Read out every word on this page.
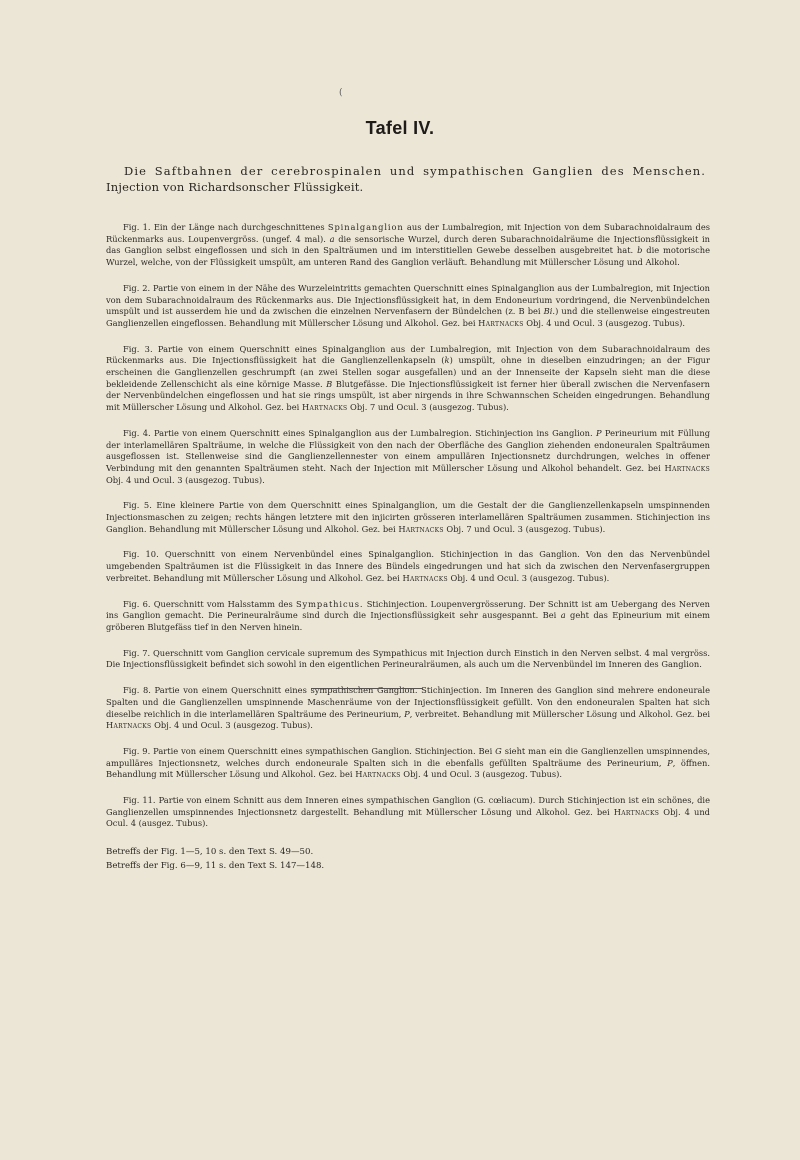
(
Tafel IV.
Die Saftbahnen der cerebrospinalen und sympathischen Ganglien des Menschen. Injection von Richardsonscher Flüssigkeit.

Fig. 1. Ein der Länge nach durchgeschnittenes Spinalganglion aus der Lumbalregion, mit Injection von dem Subarachnoidalraum des Rückenmarks aus. Loupenvergröss. (ungef. 4 mal). a die sensorische Wurzel, durch deren Subarachnoidalräume die Injectionsflüssigkeit in das Ganglion selbst eingeflossen und sich in den Spalträumen und im interstitiellen Gewebe desselben ausgebreitet hat. b die motorische Wurzel, welche, von der Flüssigkeit umspült, am unteren Rand des Ganglion verläuft. Behandlung mit Müllerscher Lösung und Alkohol.

Fig. 2. Partie von einem in der Nähe des Wurzeleintritts gemachten Querschnitt eines Spinalganglion aus der Lumbalregion, mit Injection von dem Subarachnoidalraum des Rückenmarks aus. Die Injectionsflüssigkeit hat, in dem Endoneurium vordringend, die Nervenbündelchen umspült und ist ausserdem hie und da zwischen die einzelnen Nervenfasern der Bündelchen (z. B bei Bi.) und die stellenweise eingestreuten Ganglienzellen eingeflossen. Behandlung mit Müllerscher Lösung und Alkohol. Gez. bei Hartnacks Obj. 4 und Ocul. 3 (ausgezog. Tubus).

Fig. 3. Partie von einem Querschnitt eines Spinalganglion aus der Lumbalregion, mit Injection von dem Subarachnoidalraum des Rückenmarks aus. Die Injectionsflüssigkeit hat die Ganglienzellenkapseln (k) umspült, ohne in dieselben einzudringen; an der Figur erscheinen die Ganglienzellen geschrumpft (an zwei Stellen sogar ausgefallen) und an der Innenseite der Kapseln sieht man die diese bekleidende Zellenschicht als eine körnige Masse. B Blutgefässe. Die Injectionsflüssigkeit ist ferner hier überall zwischen die Nervenfasern der Nervenbündelchen eingeflossen und hat sie rings umspült, ist aber nirgends in ihre Schwannschen Scheiden eingedrungen. Behandlung mit Müllerscher Lösung und Alkohol. Gez. bei Hartnacks Obj. 7 und Ocul. 3 (ausgezog. Tubus).

Fig. 4. Partie von einem Querschnitt eines Spinalganglion aus der Lumbalregion. Stichinjection ins Ganglion. P Perineurium mit Füllung der interlamellären Spalträume, in welche die Flüssigkeit von den nach der Oberfläche des Ganglion ziehenden endoneuralen Spalträumen ausgeflossen ist. Stellenweise sind die Ganglienzellennester von einem ampullären Injectionsnetz durchdrungen, welches in offener Verbindung mit den genannten Spalträumen steht. Nach der Injection mit Müllerscher Lösung und Alkohol behandelt. Gez. bei Hartnacks Obj. 4 und Ocul. 3 (ausgezog. Tubus).

Fig. 5. Eine kleinere Partie von dem Querschnitt eines Spinalganglion, um die Gestalt der die Ganglienzellenkapseln umspinnenden Injectionsmaschen zu zeigen; rechts hängen letztere mit den injicirten grösseren interlamellären Spalträumen zusammen. Stichinjection ins Ganglion. Behandlung mit Müllerscher Lösung und Alkohol. Gez. bei Hartnacks Obj. 7 und Ocul. 3 (ausgezog. Tubus).

Fig. 10. Querschnitt von einem Nervenbündel eines Spinalganglion. Stichinjection in das Ganglion. Von den das Nervenbündel umgebenden Spalträumen ist die Flüssigkeit in das Innere des Bündels eingedrungen und hat sich da zwischen den Nervenfasergruppen verbreitet. Behandlung mit Müllerscher Lösung und Alkohol. Gez. bei Hartnacks Obj. 4 und Ocul. 3 (ausgezog. Tubus).

Fig. 6. Querschnitt vom Halsstamm des Sympathicus. Stichinjection. Loupenvergrösserung. Der Schnitt ist am Uebergang des Nerven ins Ganglion gemacht. Die Perineuralräume sind durch die Injectionsflüssigkeit sehr ausgespannt. Bei a geht das Epineurium mit einem gröberen Blutgefäss tief in den Nerven hinein.

Fig. 7. Querschnitt vom Ganglion cervicale supremum des Sympathicus mit Injection durch Einstich in den Nerven selbst. 4 mal vergröss. Die Injectionsflüssigkeit befindet sich sowohl in den eigentlichen Perineuralräumen, als auch um die Nervenbündel im Inneren des Ganglion.

Fig. 8. Partie von einem Querschnitt eines sympathischen Ganglion. Stichinjection. Im Inneren des Ganglion sind mehrere endoneurale Spalten und die Ganglienzellen umspinnende Maschenräume von der Injectionsflüssigkeit gefüllt. Von den endoneuralen Spalten hat sich dieselbe reichlich in die interlamellären Spalträume des Perineurium, P, verbreitet. Behandlung mit Müllerscher Lösung und Alkohol. Gez. bei Hartnacks Obj. 4 und Ocul. 3 (ausgezog. Tubus).

Fig. 9. Partie von einem Querschnitt eines sympathischen Ganglion. Stichinjection. Bei G sieht man ein die Ganglienzellen umspinnendes, ampulläres Injectionsnetz, welches durch endoneurale Spalten sich in die ebenfalls gefüllten Spalträume des Perineurium, P, öffnen. Behandlung mit Müllerscher Lösung und Alkohol. Gez. bei Hartnacks Obj. 4 und Ocul. 3 (ausgezog. Tubus).

Fig. 11. Partie von einem Schnitt aus dem Inneren eines sympathischen Ganglion (G. cœliacum). Durch Stichinjection ist ein schönes, die Ganglienzellen umspinnendes Injectionsnetz dargestellt. Behandlung mit Müllerscher Lösung und Alkohol. Gez. bei Hartnacks Obj. 4 und Ocul. 4 (ausgez. Tubus).

Betreffs der Fig. 1—5, 10 s. den Text S. 49—50.
Betreffs der Fig. 6—9, 11 s. den Text S. 147—148.
